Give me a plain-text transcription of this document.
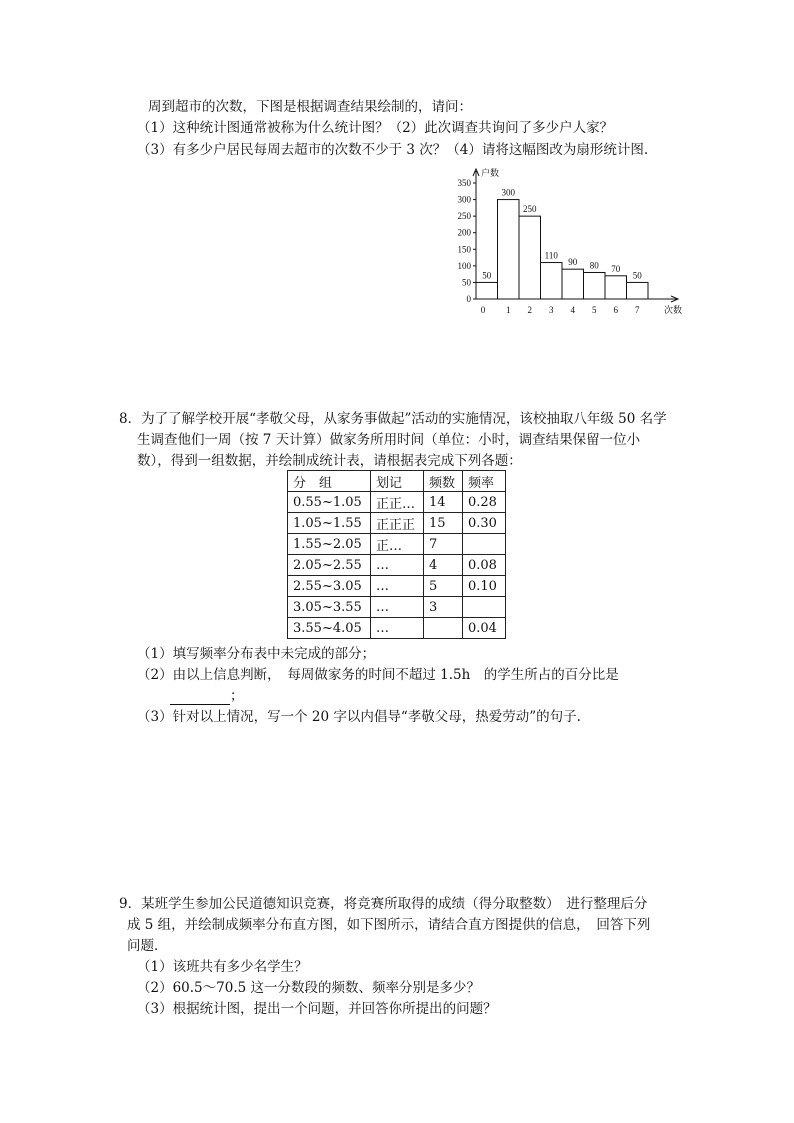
周到超市的次数，下图是根据调查结果绘制的，请问：
（1）这种统计图通常被称为什么统计图？（2）此次调查共询问了多少户人家？
（3）有多少户居民每周去超市的次数不少于 3 次？（4）请将这幅图改为扇形统计图.
0
50
100
150
200
250
300
350
户数
50
0
300
1
250
2
110
3
90
4
80
5
70
6
50
7	次数
8．为了了解学校开展“孝敬父母，从家务事做起”活动的实施情况，该校抽取八年级 50 名学
生调查他们一周（按 7 天计算）做家务所用时间（单位：小时，调查结果保留一位小
数），得到一组数据，并绘制成统计表，请根据表完成下列各题：
分　组	划记	频数	频率
0.55~1.05	正正…	14	0.28
1.05~1.55	正正正	15	0.30
1.55~2.05	正…	7	
2.05~2.55	…	4	0.08
2.55~3.05	…	5	0.10
3.05~3.55	…	3	
3.55~4.05	…		0.04
（1）填写频率分布表中未完成的部分；
（2）由以上信息判断，　每周做家务的时间不超过 1.5h　的学生所占的百分比是
；
（3）针对以上情况，写一个 20 字以内倡导“孝敬父母，热爱劳动”的句子.
9．某班学生参加公民道德知识竞赛，将竞赛所取得的成绩（得分取整数）　进行整理后分
成 5 组，并绘制成频率分布直方图，如下图所示，请结合直方图提供的信息，　回答下列
问题．
（1）该班共有多少名学生？
（2）60.5～70.5 这一分数段的频数、频率分别是多少？
（3）根据统计图，提出一个问题，并回答你所提出的问题？
